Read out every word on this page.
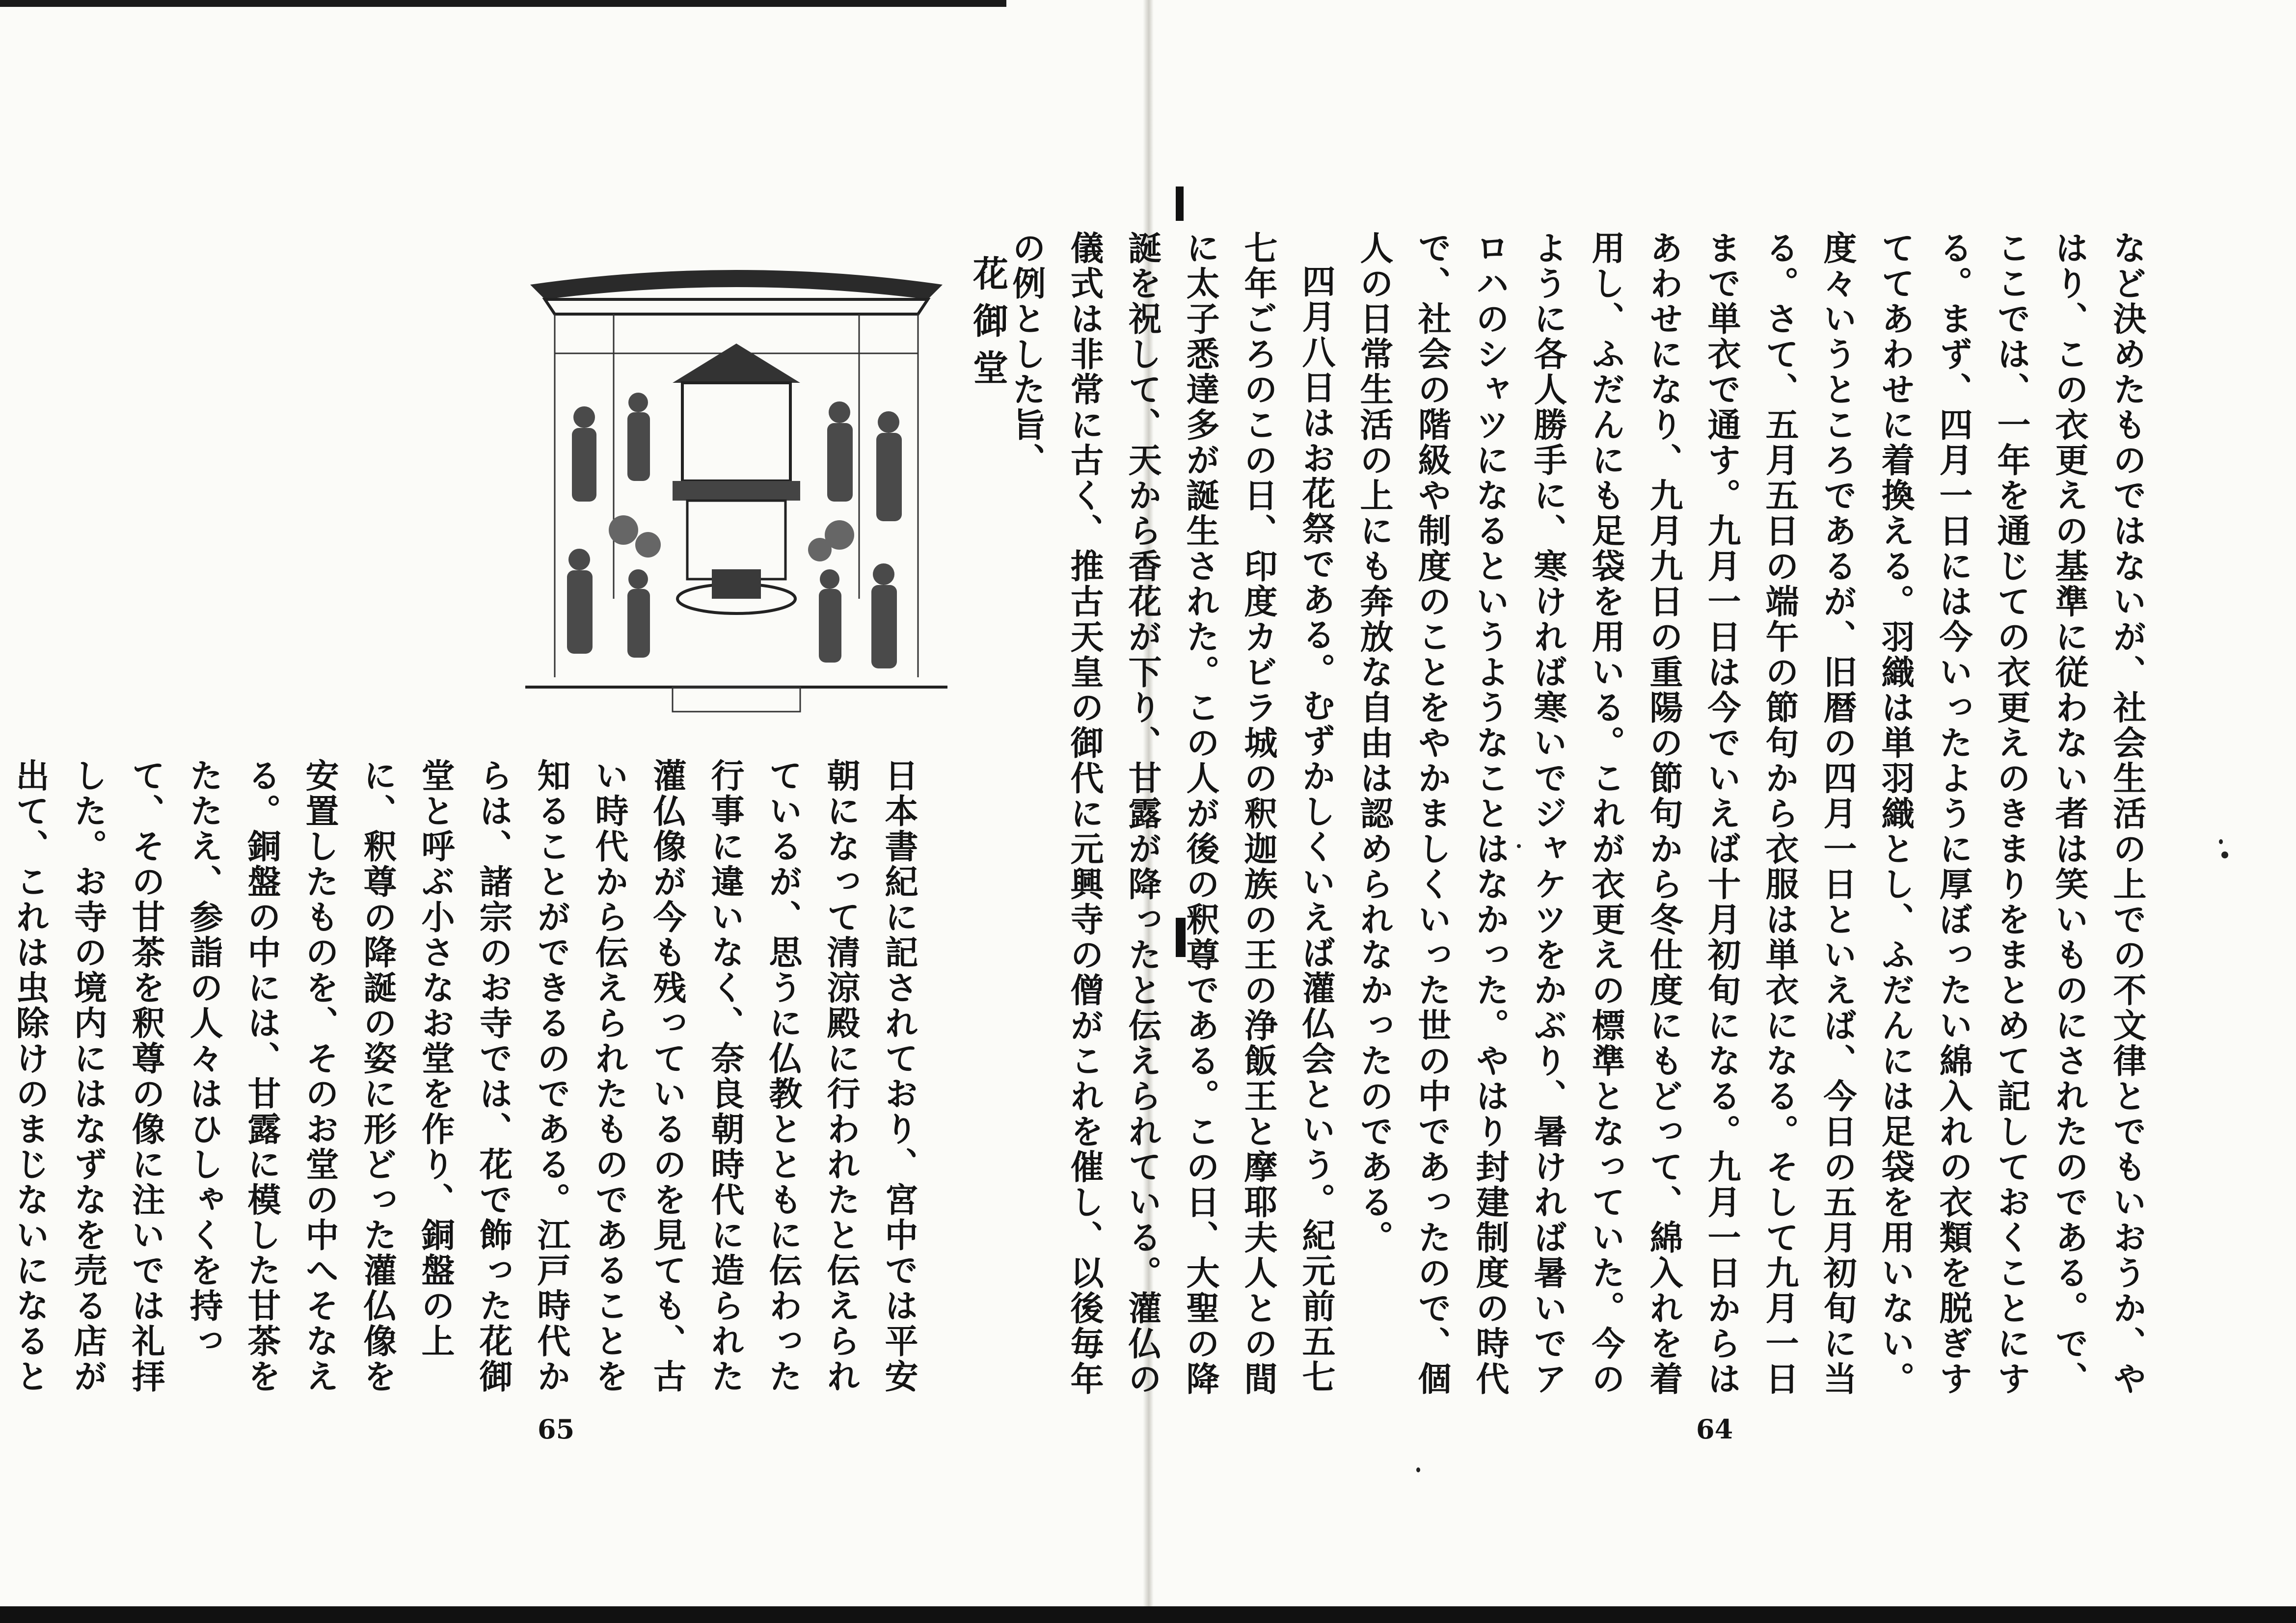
など決めたものではないが、社会生活の上での不文律とでもいおうか、やはり、この衣更えの基準に従わない者は笑いものにされたのである。で、ここでは、一年を通じての衣更えのきまりをまとめて記しておくことにする。まず、四月一日には今いったように厚ぼったい綿入れの衣類を脱ぎすててあわせに着換える。羽織は単羽織とし、ふだんには足袋を用いない。度々いうところであるが、旧暦の四月一日といえば、今日の五月初旬に当る。さて、五月五日の端午の節句から衣服は単衣になる。そして九月一日まで単衣で通す。九月一日は今でいえば十月初旬になる。九月一日からはあわせになり、九月九日の重陽の節句から冬仕度にもどって、綿入れを着用し、ふだんにも足袋を用いる。これが衣更えの標準となっていた。今のように各人勝手に、寒ければ寒いでジャケツをかぶり、暑ければ暑いでアロハのシャツになるというようなことはなかった。やはり封建制度の時代で、社会の階級や制度のことをやかましくいった世の中であったので、個人の日常生活の上にも奔放な自由は認められなかったのである。

四月八日はお花祭である。むずかしくいえば灌仏会という。紀元前五七七年ごろのこの日、印度カビラ城の釈迦族の王の浄飯王と摩耶夫人との間に太子悉達多が誕生された。この人が後の釈尊である。この日、大聖の降誕を祝して、天から香花が下り、甘露が降ったと伝えられている。灌仏の儀式は非常に古く、推古天皇の御代に元興寺の僧がこれを催し、以後毎年の例とした旨、

64
花御堂

日本書紀に記されており、宮中では平安朝になって清涼殿に行われたと伝えられているが、思うに仏教とともに伝わった行事に違いなく、奈良朝時代に造られた灌仏像が今も残っているのを見ても、古い時代から伝えられたものであることを知ることができるのである。江戸時代からは、諸宗のお寺では、花で飾った花御堂と呼ぶ小さなお堂を作り、銅盤の上に、釈尊の降誕の姿に形どった灌仏像を安置したものを、そのお堂の中へそなえる。銅盤の中には、甘露に模した甘茶をたたえ、参詣の人々はひしゃくを持って、その甘茶を釈尊の像に注いでは礼拝した。お寺の境内にはなずなを売る店が出て、これは虫除けのまじないになると

65
